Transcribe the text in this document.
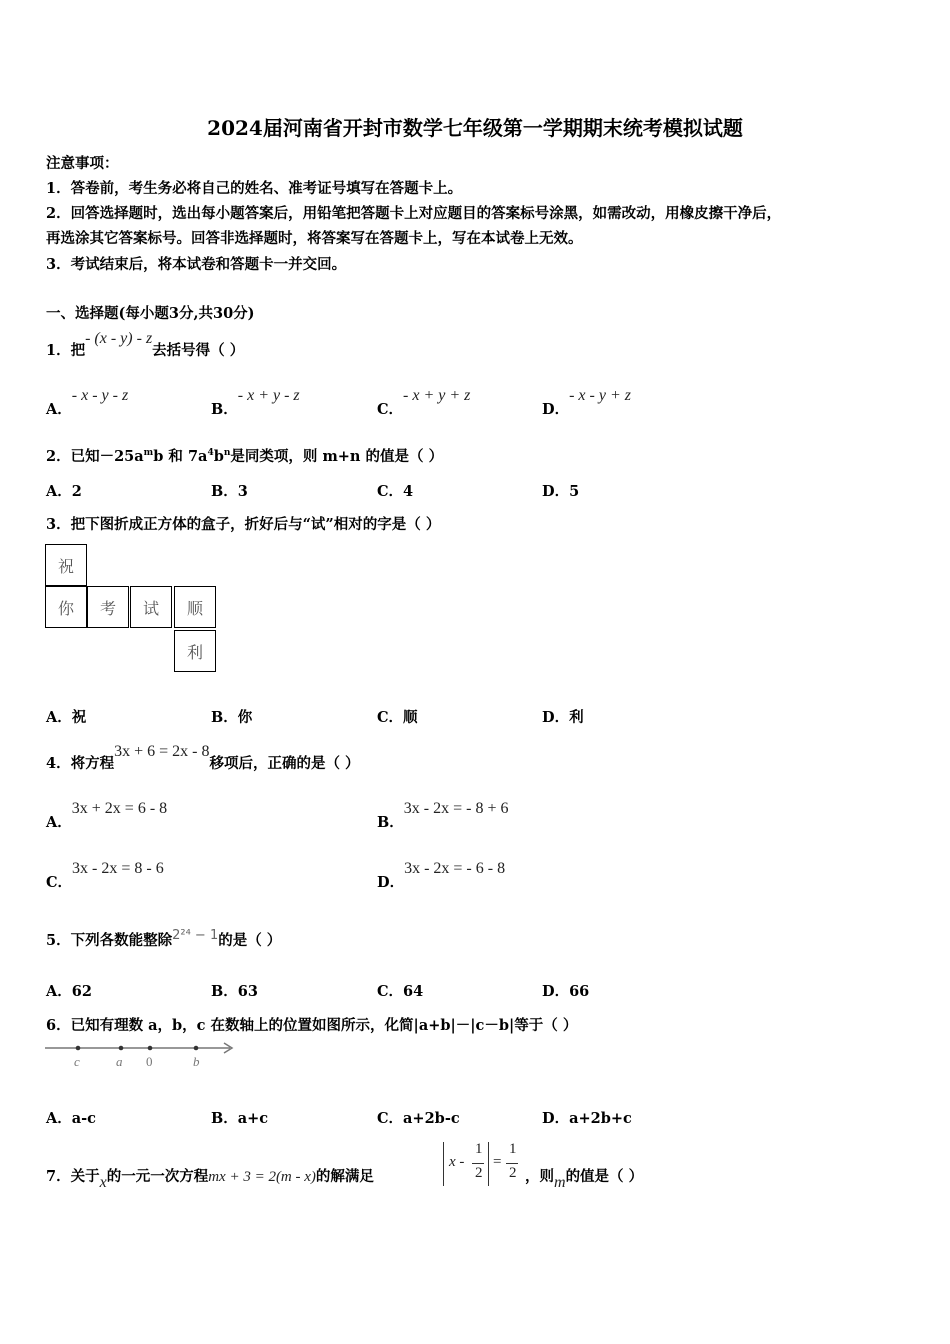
2024届河南省开封市数学七年级第一学期期末统考模拟试题
注意事项：
1．答卷前，考生务必将自己的姓名、准考证号填写在答题卡上。
2．回答选择题时，选出每小题答案后，用铅笔把答题卡上对应题目的答案标号涂黑，如需改动，用橡皮擦干净后，
再选涂其它答案标号。回答非选择题时，将答案写在答题卡上，写在本试卷上无效。
3．考试结束后，将本试卷和答题卡一并交回。
一、选择题(每小题3分,共30分)
1．把- (x - y) - z去括号得（ ）
A．- x - y - z
B．- x + y - z
C．- x + y + z
D．- x - y + z
2．已知$-25a^mb$ 和 $7a^4b^n$是同类项，则 m+n 的值是（ ）
A．2	B．3	C．4	D．5
3．把下图折成正方体的盒子，折好后与“试”相对的字是（ ）
祝
你	考	试	顺
利
A．祝	B．你	C．顺	D．利
4．将方程3x + 6 = 2x - 8移项后，正确的是（ ）
A．3x + 2x = 6 - 8
B．3x - 2x = - 8 + 6
C．3x - 2x = 8 - 6
D．3x - 2x = - 6 - 8
5．下列各数能整除2²⁴ − 1的是（ ）
A．62	B．63	C．64	D．66
6．已知有理数 a，b，c 在数轴上的位置如图所示，化简|a+b|－|c－b|等于（ ）
c	a 0	b
A．a-c	B．a+c	C．a+2b-c	D．a+2b+c
7．关于x的一元一次方程mx + 3 = 2(m - x)的解满足
x -
1
2
=
1
2 ，则m的值是（ ）
